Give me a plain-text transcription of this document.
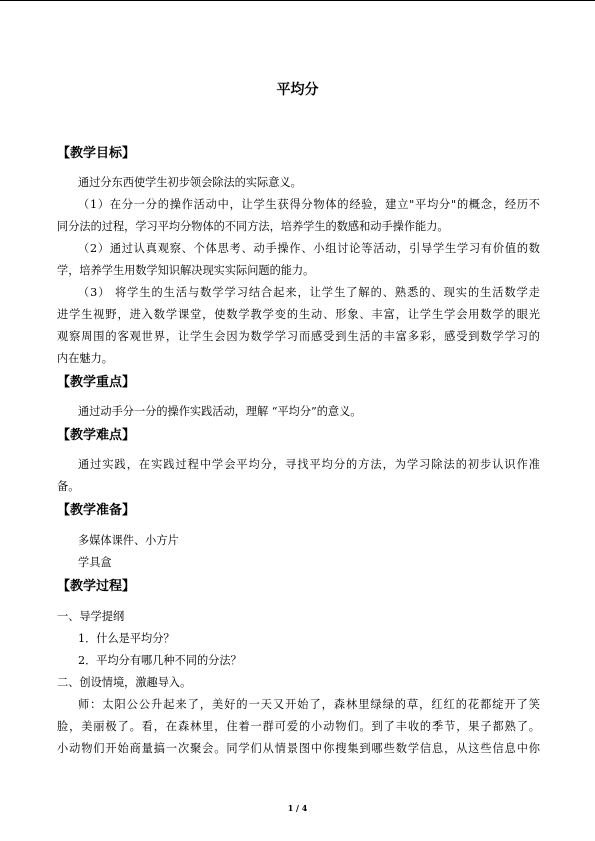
平均分
【教学目标】
通过分东西使学生初步领会除法的实际意义。
（1）在分一分的操作活动中，让学生获得分物体的经验，建立"平均分"的概念，经历不
同分法的过程，学习平均分物体的不同方法，培养学生的数感和动手操作能力。
（2）通过认真观察、个体思考、动手操作、小组讨论等活动，引导学生学习有价值的数
学，培养学生用数学知识解决现实实际问题的能力。
（3） 将学生的生活与数学学习结合起来，让学生了解的、熟悉的、现实的生活数学走
进学生视野，进入数学课堂，使数学教学变的生动、形象、丰富，让学生学会用数学的眼光
观察周围的客观世界，让学生会因为数学学习而感受到生活的丰富多彩，感受到数学学习的
内在魅力。
【教学重点】
通过动手分一分的操作实践活动，理解 “平均分”的意义。
【教学难点】
通过实践，在实践过程中学会平均分，寻找平均分的方法，为学习除法的初步认识作准
备。
【教学准备】
多媒体课件、小方片
学具盒
【教学过程】
一、导学提纲
1．什么是平均分？
2．平均分有哪几种不同的分法？
二、创设情境，激趣导入。
师：太阳公公升起来了，美好的一天又开始了，森林里绿绿的草，红红的花都绽开了笑
脸，美丽极了。看，在森林里，住着一群可爱的小动物们。到了丰收的季节，果子都熟了。
小动物们开始商量搞一次聚会。同学们从情景图中你搜集到哪些数学信息，从这些信息中你
1 / 4
